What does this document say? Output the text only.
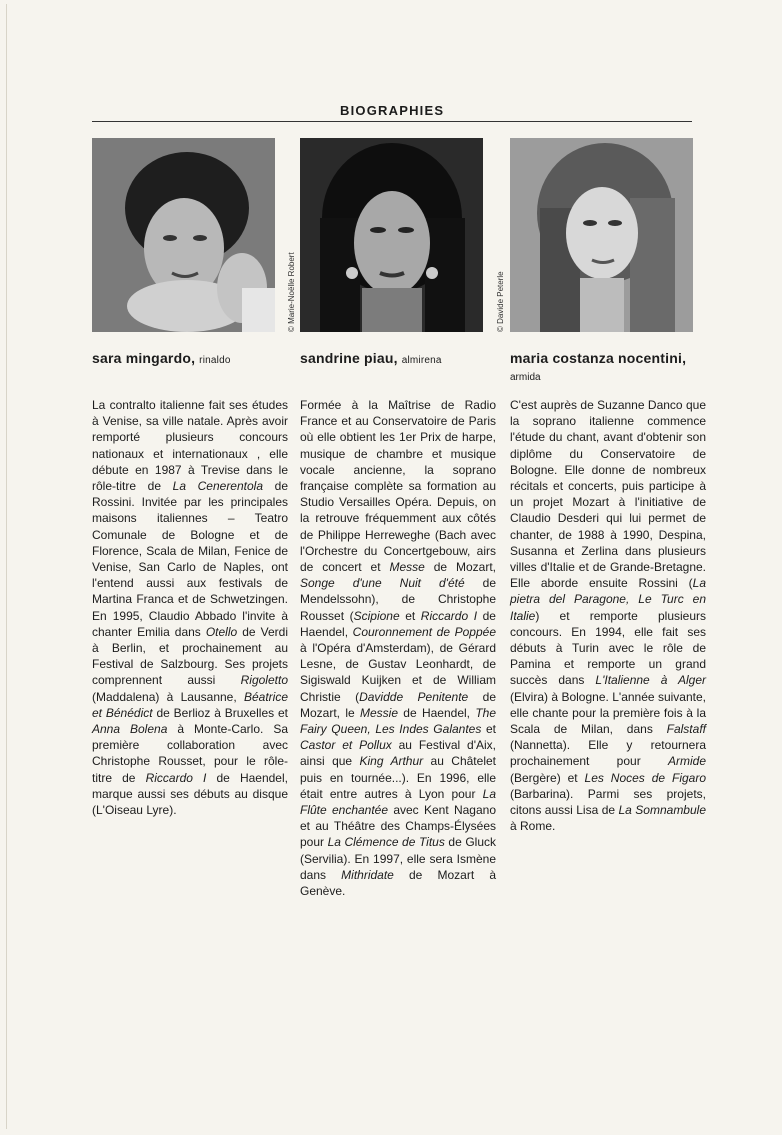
BIOGRAPHIES
© Marie-Noëlle Robert	© Davide Peterle
sara mingardo, rinaldo	sandrine piau, almirena	maria costanza nocentini,
armida

La contralto italienne fait ses études à Venise, sa ville natale. Après avoir remporté plusieurs concours nationaux et internationaux , elle débute en 1987 à Trevise dans le rôle-titre de La Cenerentola de Rossini. Invitée par les principales maisons italiennes – Teatro Comunale de Bologne et de Florence, Scala de Milan, Fenice de Venise, San Carlo de Naples, ont l'entend aussi aux festivals de Martina Franca et de Schwetzingen. En 1995, Claudio Abbado l'invite à chanter Emilia dans Otello de Verdi à Berlin, et prochainement au Festival de Salzbourg. Ses projets comprennent aussi Rigoletto (Maddalena) à Lausanne, Béatrice et Bénédict de Berlioz à Bruxelles et Anna Bolena à Monte-Carlo. Sa première collaboration avec Christophe Rousset, pour le rôle-titre de Riccardo I de Haendel, marque aussi ses débuts au disque (L'Oiseau Lyre).

Formée à la Maîtrise de Radio France et au Conservatoire de Paris où elle obtient les 1er Prix de harpe, musique de chambre et musique vocale ancienne, la soprano française complète sa formation au Studio Versailles Opéra. Depuis, on la retrouve fréquemment aux côtés de Philippe Herreweghe (Bach avec l'Orchestre du Concertgebouw, airs de concert et Messe de Mozart, Songe d'une Nuit d'été de Mendelssohn), de Christophe Rousset (Scipione et Riccardo I de Haendel, Couronnement de Poppée à l'Opéra d'Amsterdam), de Gérard Lesne, de Gustav Leonhardt, de Sigiswald Kuijken et de William Christie (Davidde Penitente de Mozart, le Messie de Haendel, The Fairy Queen, Les Indes Galantes et Castor et Pollux au Festival d'Aix, ainsi que King Arthur au Châtelet puis en tournée...). En 1996, elle était entre autres à Lyon pour La Flûte enchantée avec Kent Nagano et au Théâtre des Champs-Élysées pour La Clémence de Titus de Gluck (Servilia). En 1997, elle sera Ismène dans Mithridate de Mozart à Genève.

C'est auprès de Suzanne Danco que la soprano italienne commence l'étude du chant, avant d'obtenir son diplôme du Conservatoire de Bologne. Elle donne de nombreux récitals et concerts, puis participe à un projet Mozart à l'initiative de Claudio Desderi qui lui permet de chanter, de 1988 à 1990, Despina, Susanna et Zerlina dans plusieurs villes d'Italie et de Grande-Bretagne. Elle aborde ensuite Rossini (La pietra del Paragone, Le Turc en Italie) et remporte plusieurs concours. En 1994, elle fait ses débuts à Turin avec le rôle de Pamina et remporte un grand succès dans L'Italienne à Alger (Elvira) à Bologne. L'année suivante, elle chante pour la première fois à la Scala de Milan, dans Falstaff (Nannetta). Elle y retournera prochainement pour Armide (Bergère) et Les Noces de Figaro (Barbarina). Parmi ses projets, citons aussi Lisa de La Somnambule à Rome.
